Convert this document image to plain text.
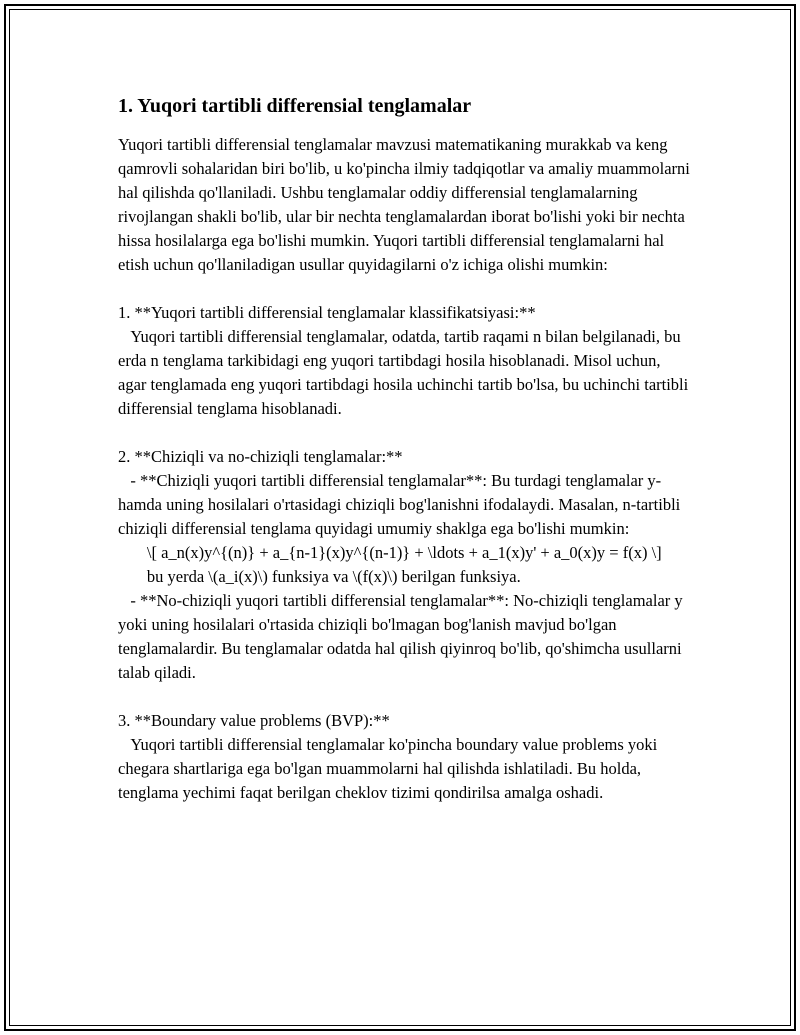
1. Yuqori tartibli differensial tenglamalar

Yuqori tartibli differensial tenglamalar mavzusi matematikaning murakkab va keng qamrovli sohalaridan biri bo'lib, u ko'pincha ilmiy tadqiqotlar va amaliy muammolarni hal qilishda qo'llaniladi. Ushbu tenglamalar oddiy differensial tenglamalarning rivojlangan shakli bo'lib, ular bir nechta tenglamalardan iborat bo'lishi yoki bir nechta hissa hosilalarga ega bo'lishi mumkin. Yuqori tartibli differensial tenglamalarni hal etish uchun qo'llaniladigan usullar quyidagilarni o'z ichiga olishi mumkin:

1. **Yuqori tartibli differensial tenglamalar klassifikatsiyasi:**

Yuqori tartibli differensial tenglamalar, odatda, tartib raqami n bilan belgilanadi, bu erda n tenglama tarkibidagi eng yuqori tartibdagi hosila hisoblanadi. Misol uchun, agar tenglamada eng yuqori tartibdagi hosila uchinchi tartib bo'lsa, bu uchinchi tartibli differensial tenglama hisoblanadi.

2. **Chiziqli va no-chiziqli tenglamalar:**

- **Chiziqli yuqori tartibli differensial tenglamalar**: Bu turdagi tenglamalar y-hamda uning hosilalari o'rtasidagi chiziqli bog'lanishni ifodalaydi. Masalan, n-tartibli chiziqli differensial tenglama quyidagi umumiy shaklga ega bo'lishi mumkin:

\[ a_n(x)y^{(n)} + a_{n-1}(x)y^{(n-1)} + \ldots + a_1(x)y' + a_0(x)y = f(x) \]

bu yerda \(a_i(x)\) funksiya va \(f(x)\) berilgan funksiya.

- **No-chiziqli yuqori tartibli differensial tenglamalar**: No-chiziqli tenglamalar y yoki uning hosilalari o'rtasida chiziqli bo'lmagan bog'lanish mavjud bo'lgan tenglamalardir. Bu tenglamalar odatda hal qilish qiyinroq bo'lib, qo'shimcha usullarni talab qiladi.

3. **Boundary value problems (BVP):**

Yuqori tartibli differensial tenglamalar ko'pincha boundary value problems yoki chegara shartlariga ega bo'lgan muammolarni hal qilishda ishlatiladi. Bu holda, tenglama yechimi faqat berilgan cheklov tizimi qondirilsa amalga oshadi.
